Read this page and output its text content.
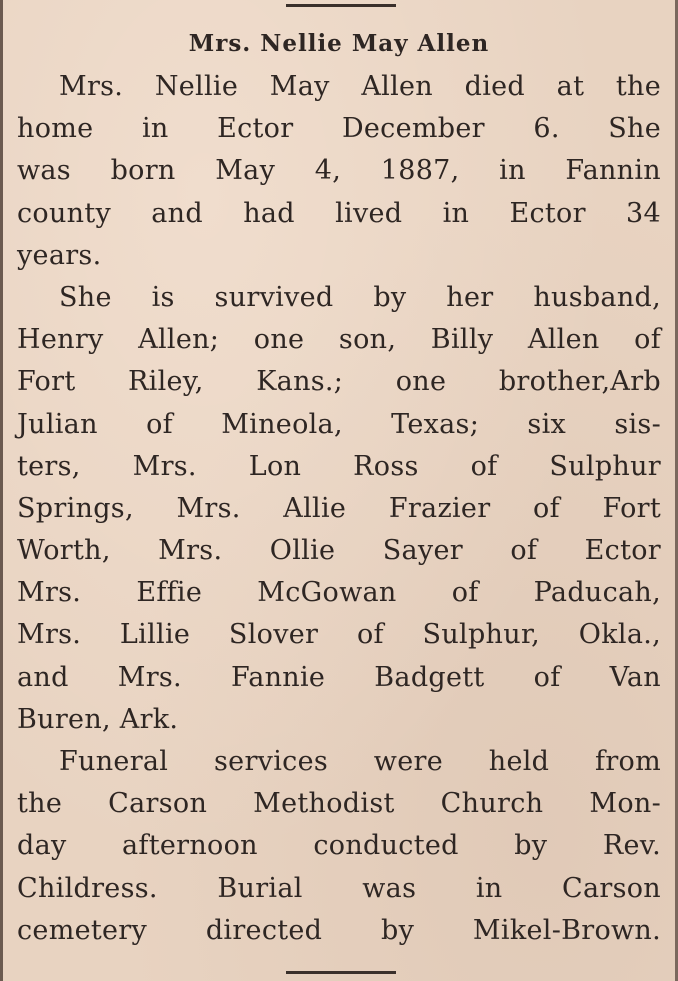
Mrs. Nellie May Allen
Mrs. Nellie May Allen died at the
home in Ector December 6. She
was born May 4, 1887, in Fannin
county and had lived in Ector 34
years.
She is survived by her husband,
Henry Allen; one son, Billy Allen of
Fort Riley, Kans.; one brother,Arb
Julian of Mineola, Texas; six sis-
ters, Mrs. Lon Ross of Sulphur
Springs, Mrs. Allie Frazier of Fort
Worth, Mrs. Ollie Sayer of Ector
Mrs. Effie McGowan of Paducah,
Mrs. Lillie Slover of Sulphur, Okla.,
and Mrs. Fannie Badgett of Van
Buren, Ark.
Funeral services were held from
the Carson Methodist Church Mon-
day afternoon conducted by Rev.
Childress. Burial was in Carson
cemetery directed by Mikel-Brown.
